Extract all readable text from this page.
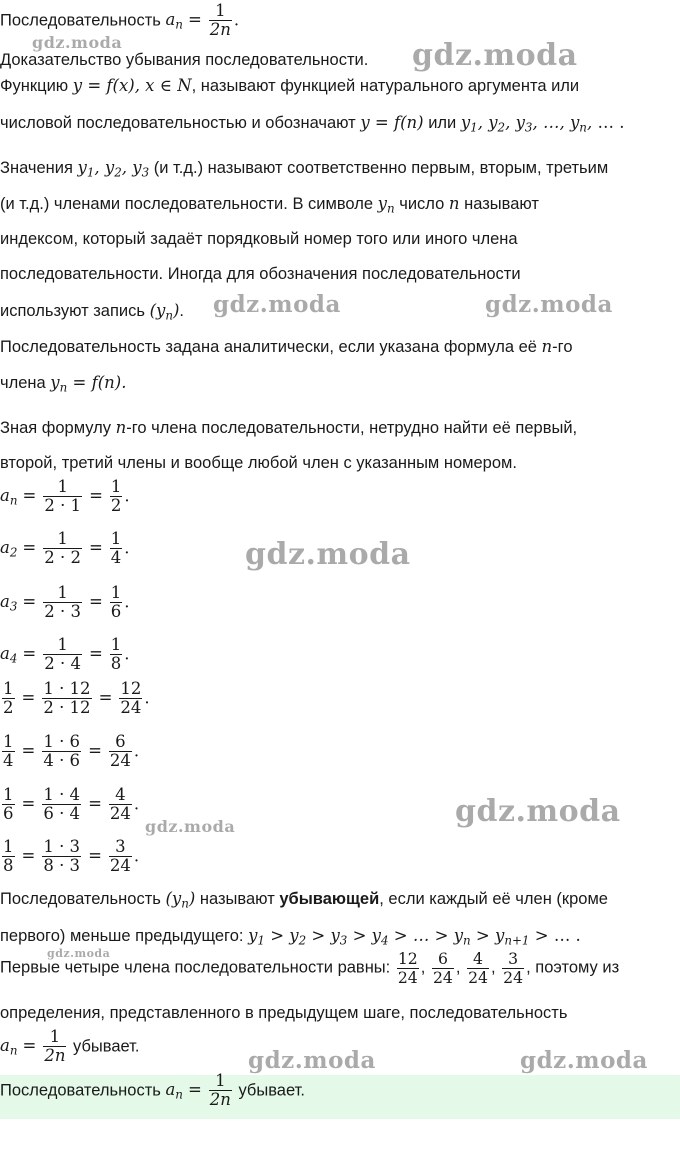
Последовательность $a_n = \frac{1}{2n}$ .
Доказательство убывания последовательности.
Функцию y = f(x), x ∈ N, называют функцией натурального аргумента или
числовой последовательностью и обозначают y = f(n) или $y_1$, $y_2$, $y_3$, …, $y_n$, … .
Значения $y_1$, $y_2$, $y_3$ (и т.д.) называют соответственно первым, вторым, третьим
(и т.д.) членами последовательности. В символе $y_n$ число n называют
индексом, который задаёт порядковый номер того или иного члена
последовательности. Иногда для обозначения последовательности
используют запись $(y_n)$.
Последовательность задана аналитически, если указана формула её n-го
члена $y_n = f(n)$.
Зная формулу n-го члена последовательности, нетрудно найти её первый,
второй, третий члены и вообще любой член с указанным номером.
$a_n = \frac{1}{2 \cdot 1} = \frac{1}{2}$ .
$a_2 = \frac{1}{2 \cdot 2} = \frac{1}{4}$ .
$a_3 = \frac{1}{2 \cdot 3} = \frac{1}{6}$ .
$a_4 = \frac{1}{2 \cdot 4} = \frac{1}{8}$ .
$\frac{1}{2} = \frac{1 \cdot 12}{2 \cdot 12} = \frac{12}{24}$ .
$\frac{1}{4} = \frac{1 \cdot 6}{4 \cdot 6} = \frac{6}{24}$ .
$\frac{1}{6} = \frac{1 \cdot 4}{6 \cdot 4} = \frac{4}{24}$ .
$\frac{1}{8} = \frac{1 \cdot 3}{8 \cdot 3} = \frac{3}{24}$ .
Последовательность $(y_n)$ называют убывающей, если каждый её член (кроме
первого) меньше предыдущего: $y_1 > y_2 > y_3 > y_4$ > … > $y_n > y_{n+1}$ > … .
Первые четыре члена последовательности равны: $\frac{12}{24}$ , $\frac{6}{24}$ , $\frac{4}{24}$ , $\frac{3}{24}$ , поэтому из
определения, представленного в предыдущем шаге, последовательность
$a_n = \frac{1}{2n}$ убывает.
Последовательность $a_n = \frac{1}{2n}$ убывает.
gdz.moda	gdz.moda
gdz.moda	gdz.moda
gdz.moda
gdz.moda
gdz.moda
gdz.moda
gdz.moda	gdz.moda
